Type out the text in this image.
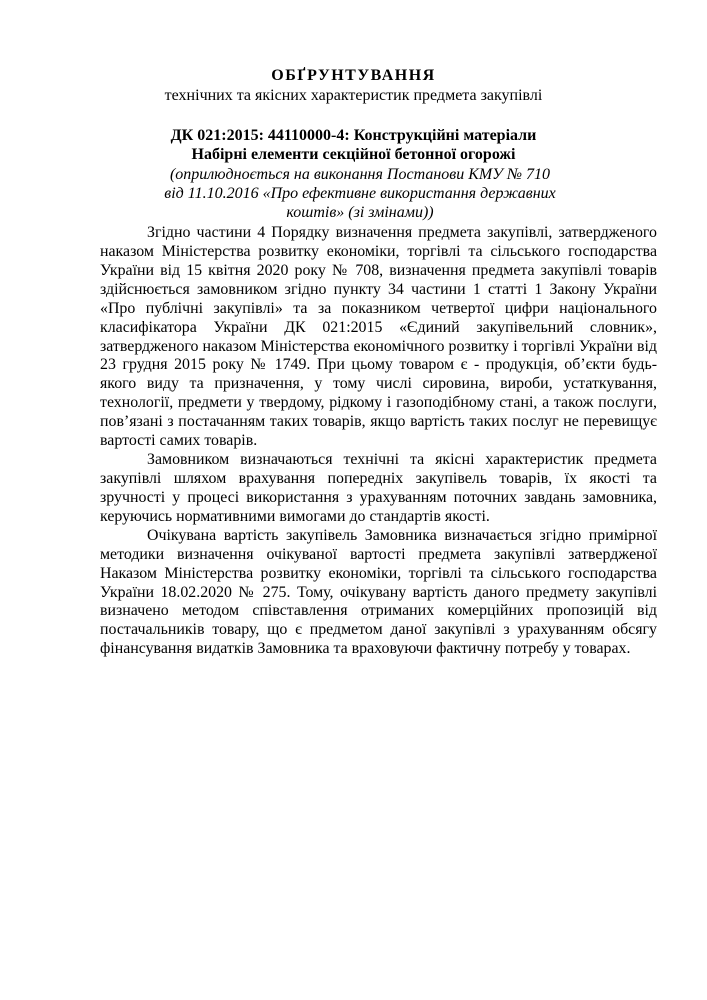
ОБҐРУНТУВАННЯ
технічних та якісних характеристик предмета закупівлі
ДК 021:2015: 44110000-4: Конструкційні матеріали
Набірні елементи секційної бетонної огорожі
(оприлюдноється на виконання Постанови КМУ № 710 від 11.10.2016 «Про ефективне використання державних коштів» (зі змінами))

Згідно частини 4 Порядку визначення предмета закупівлі, затвердженого наказом Міністерства розвитку економіки, торгівлі та сільського господарства України від 15 квітня 2020 року № 708, визначення предмета закупівлі товарів здійснюється замовником згідно пункту 34 частини 1 статті 1 Закону України «Про публічні закупівлі» та за показником четвертої цифри національного класифікатора України ДК 021:2015 «Єдиний закупівельний словник», затвердженого наказом Міністерства економічного розвитку і торгівлі України від 23 грудня 2015 року № 1749. При цьому товаром є - продукція, об’єкти будь-якого виду та призначення, у тому числі сировина, вироби, устаткування, технології, предмети у твердому, рідкому і газоподібному стані, а також послуги, пов’язані з постачанням таких товарів, якщо вартість таких послуг не перевищує вартості самих товарів.

Замовником визначаються технічні та якісні характеристик предмета закупівлі шляхом врахування попередніх закупівель товарів, їх якості та зручності у процесі використання з урахуванням поточних завдань замовника, керуючись нормативними вимогами до стандартів якості.

Очікувана вартість закупівель Замовника визначається згідно примірної методики визначення очікуваної вартості предмета закупівлі затвердженої Наказом Міністерства розвитку економіки, торгівлі та сільського господарства України 18.02.2020 № 275. Тому, очікувану вартість даного предмету закупівлі визначено методом співставлення отриманих комерційних пропозицій від постачальників товару, що є предметом даної закупівлі з урахуванням обсягу фінансування видатків Замовника та враховуючи фактичну потребу у товарах.
